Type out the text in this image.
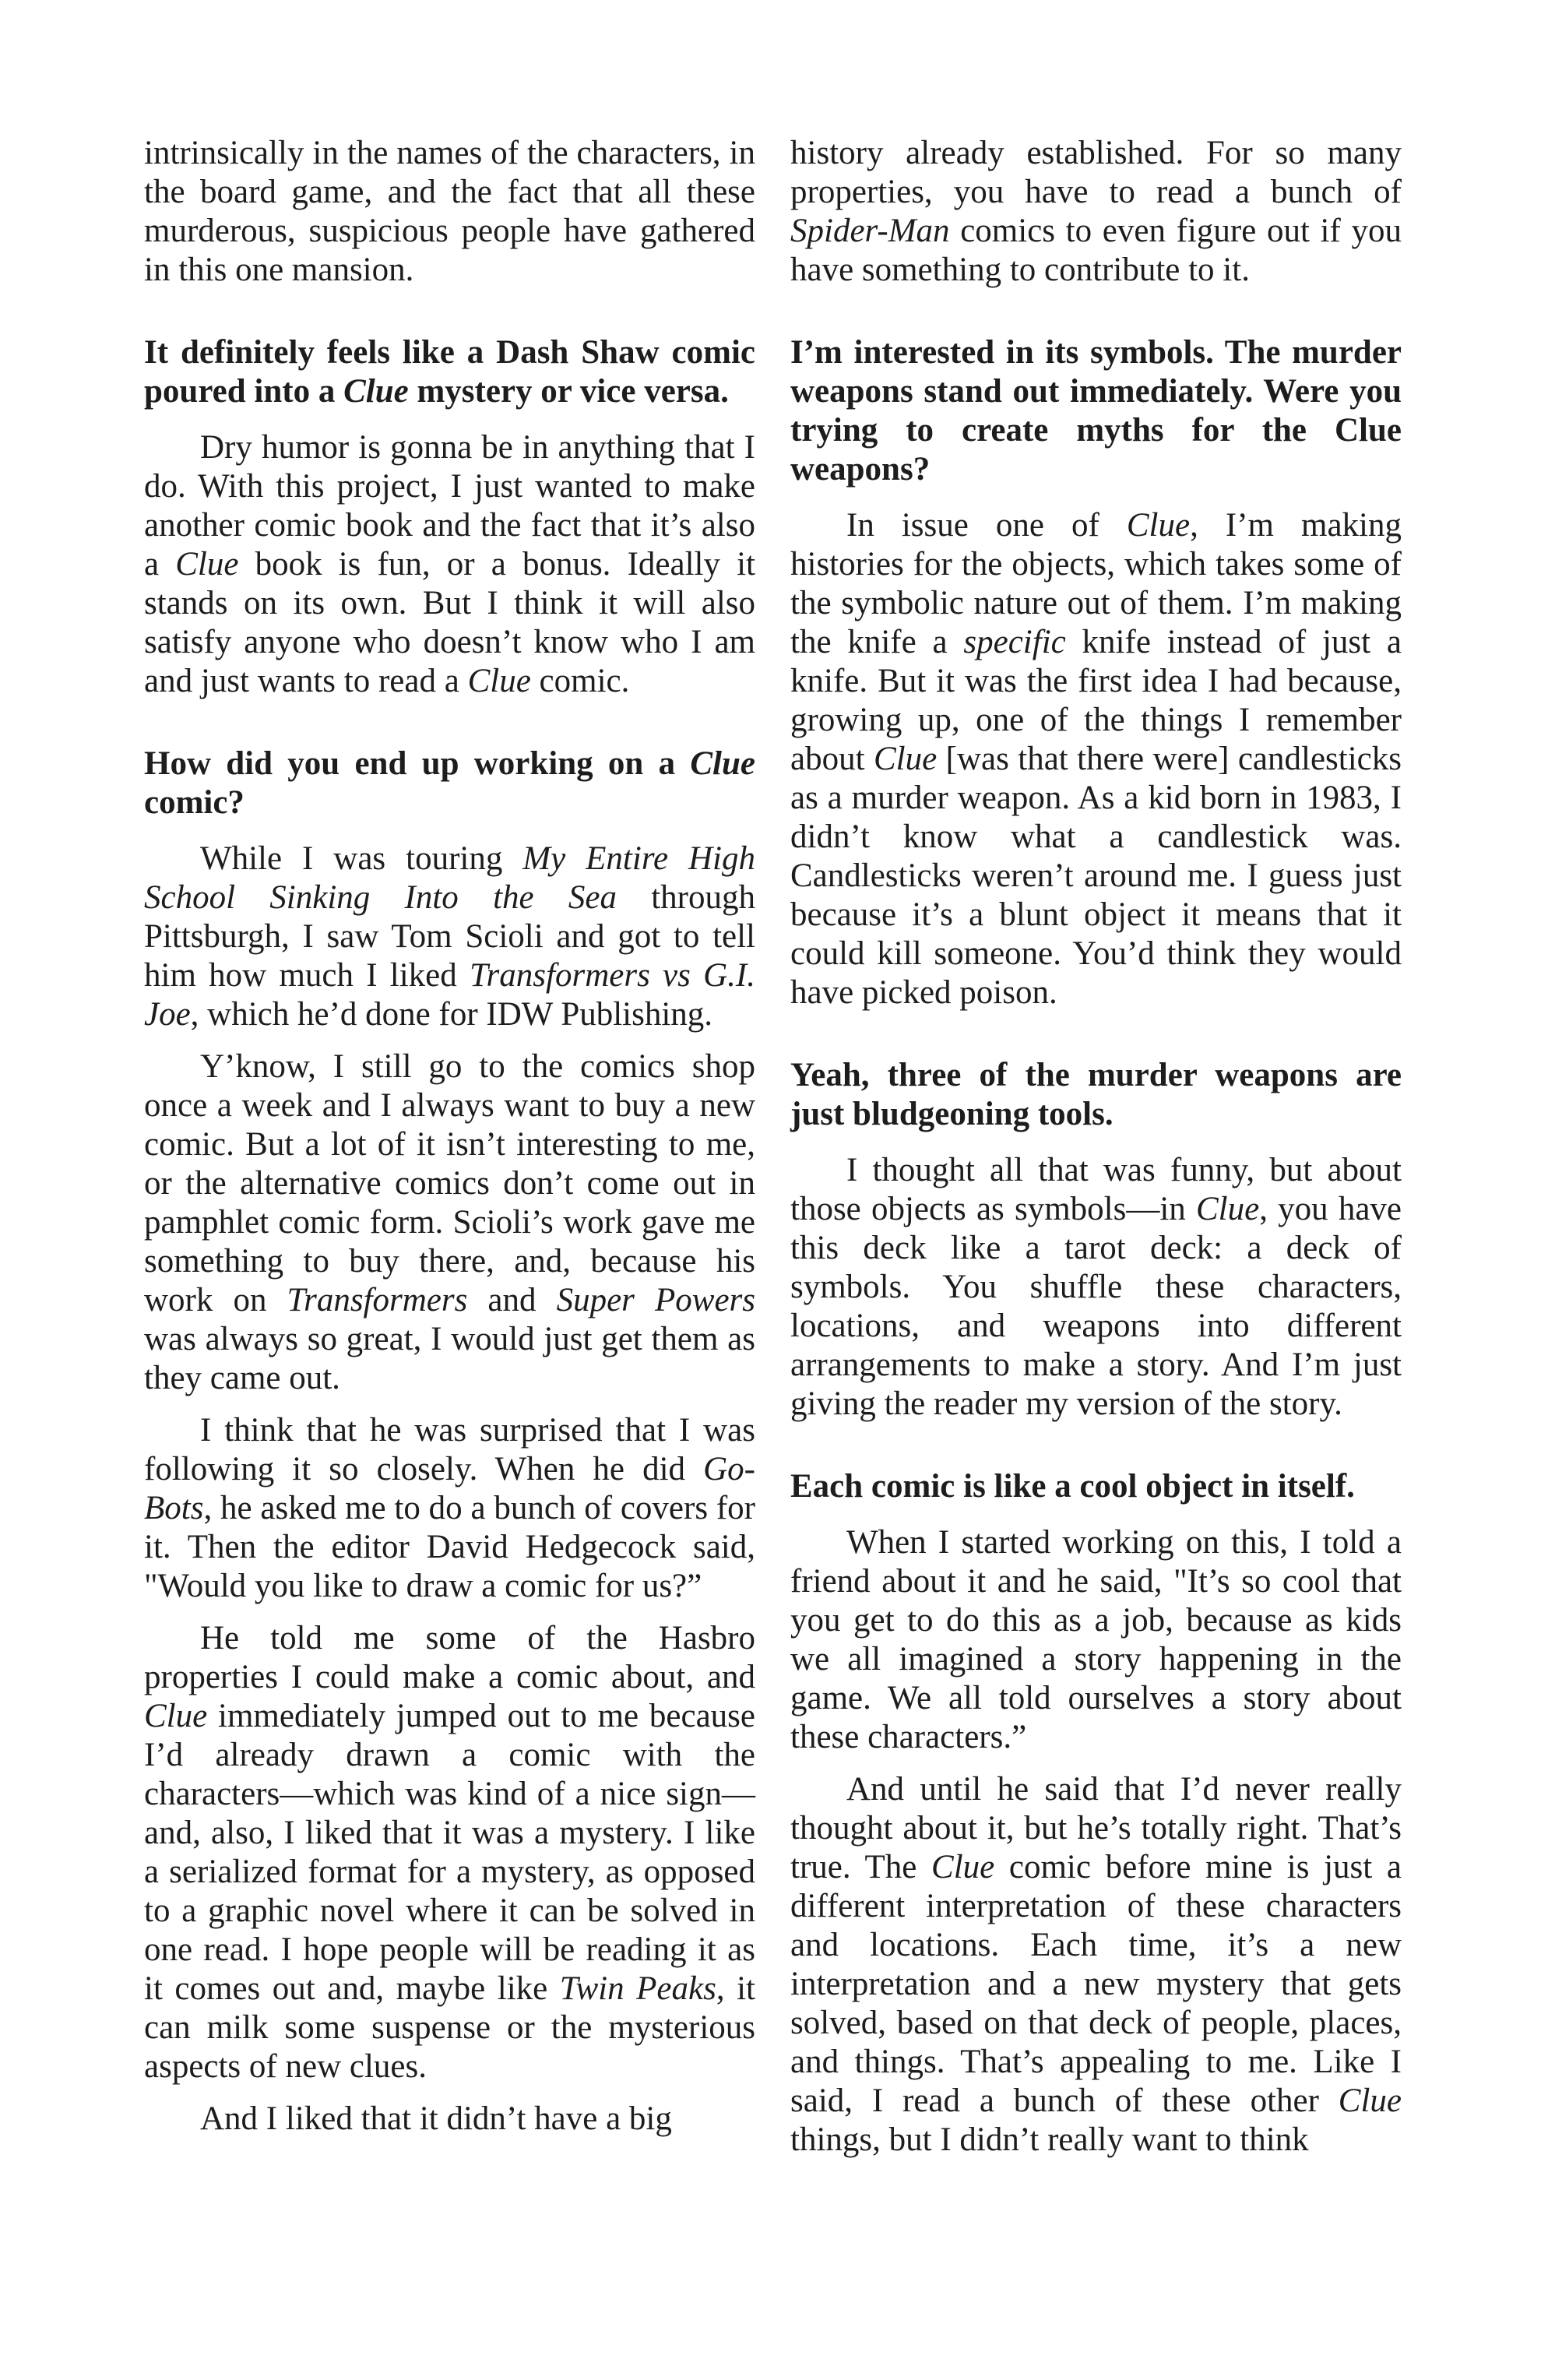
intrinsically in the names of the characters, in the board game, and the fact that all these murderous, suspicious people have gathered in this one mansion.

It definitely feels like a Dash Shaw comic poured into a Clue mystery or vice versa.

Dry humor is gonna be in anything that I do. With this project, I just wanted to make another comic book and the fact that it’s also a Clue book is fun, or a bonus. Ideally it stands on its own. But I think it will also satisfy anyone who doesn’t know who I am and just wants to read a Clue comic.

How did you end up working on a Clue comic?

While I was touring My Entire High School Sinking Into the Sea through Pittsburgh, I saw Tom Scioli and got to tell him how much I liked Transformers vs G.I. Joe, which he’d done for IDW Publishing.

Y’know, I still go to the comics shop once a week and I always want to buy a new comic. But a lot of it isn’t interesting to me, or the alternative comics don’t come out in pamphlet comic form. Scioli’s work gave me something to buy there, and, because his work on Transformers and Super Powers was always so great, I would just get them as they came out.

I think that he was surprised that I was following it so closely. When he did Go-Bots, he asked me to do a bunch of covers for it. Then the editor David Hedgecock said, "Would you like to draw a comic for us?”

He told me some of the Hasbro properties I could make a comic about, and Clue immediately jumped out to me because I’d already drawn a comic with the characters—which was kind of a nice sign—and, also, I liked that it was a mystery. I like a serialized format for a mystery, as opposed to a graphic novel where it can be solved in one read. I hope people will be reading it as it comes out and, maybe like Twin Peaks, it can milk some suspense or the mysterious aspects of new clues.

And I liked that it didn’t have a big

history already established. For so many properties, you have to read a bunch of Spider-Man comics to even figure out if you have something to contribute to it.

I’m interested in its symbols. The murder weapons stand out immediately. Were you trying to create myths for the Clue weapons?

In issue one of Clue, I’m making histories for the objects, which takes some of the symbolic nature out of them. I’m making the knife a specific knife instead of just a knife. But it was the first idea I had because, growing up, one of the things I remember about Clue [was that there were] candlesticks as a murder weapon. As a kid born in 1983, I didn’t know what a candlestick was. Candlesticks weren’t around me. I guess just because it’s a blunt object it means that it could kill someone. You’d think they would have picked poison.

Yeah, three of the murder weapons are just bludgeoning tools.

I thought all that was funny, but about those objects as symbols—in Clue, you have this deck like a tarot deck: a deck of symbols. You shuffle these characters, locations, and weapons into different arrangements to make a story. And I’m just giving the reader my version of the story.

Each comic is like a cool object in itself.

When I started working on this, I told a friend about it and he said, "It’s so cool that you get to do this as a job, because as kids we all imagined a story happening in the game. We all told ourselves a story about these characters.”

And until he said that I’d never really thought about it, but he’s totally right. That’s true. The Clue comic before mine is just a different interpretation of these characters and locations. Each time, it’s a new interpretation and a new mystery that gets solved, based on that deck of people, places, and things. That’s appealing to me. Like I said, I read a bunch of these other Clue things, but I didn’t really want to think
